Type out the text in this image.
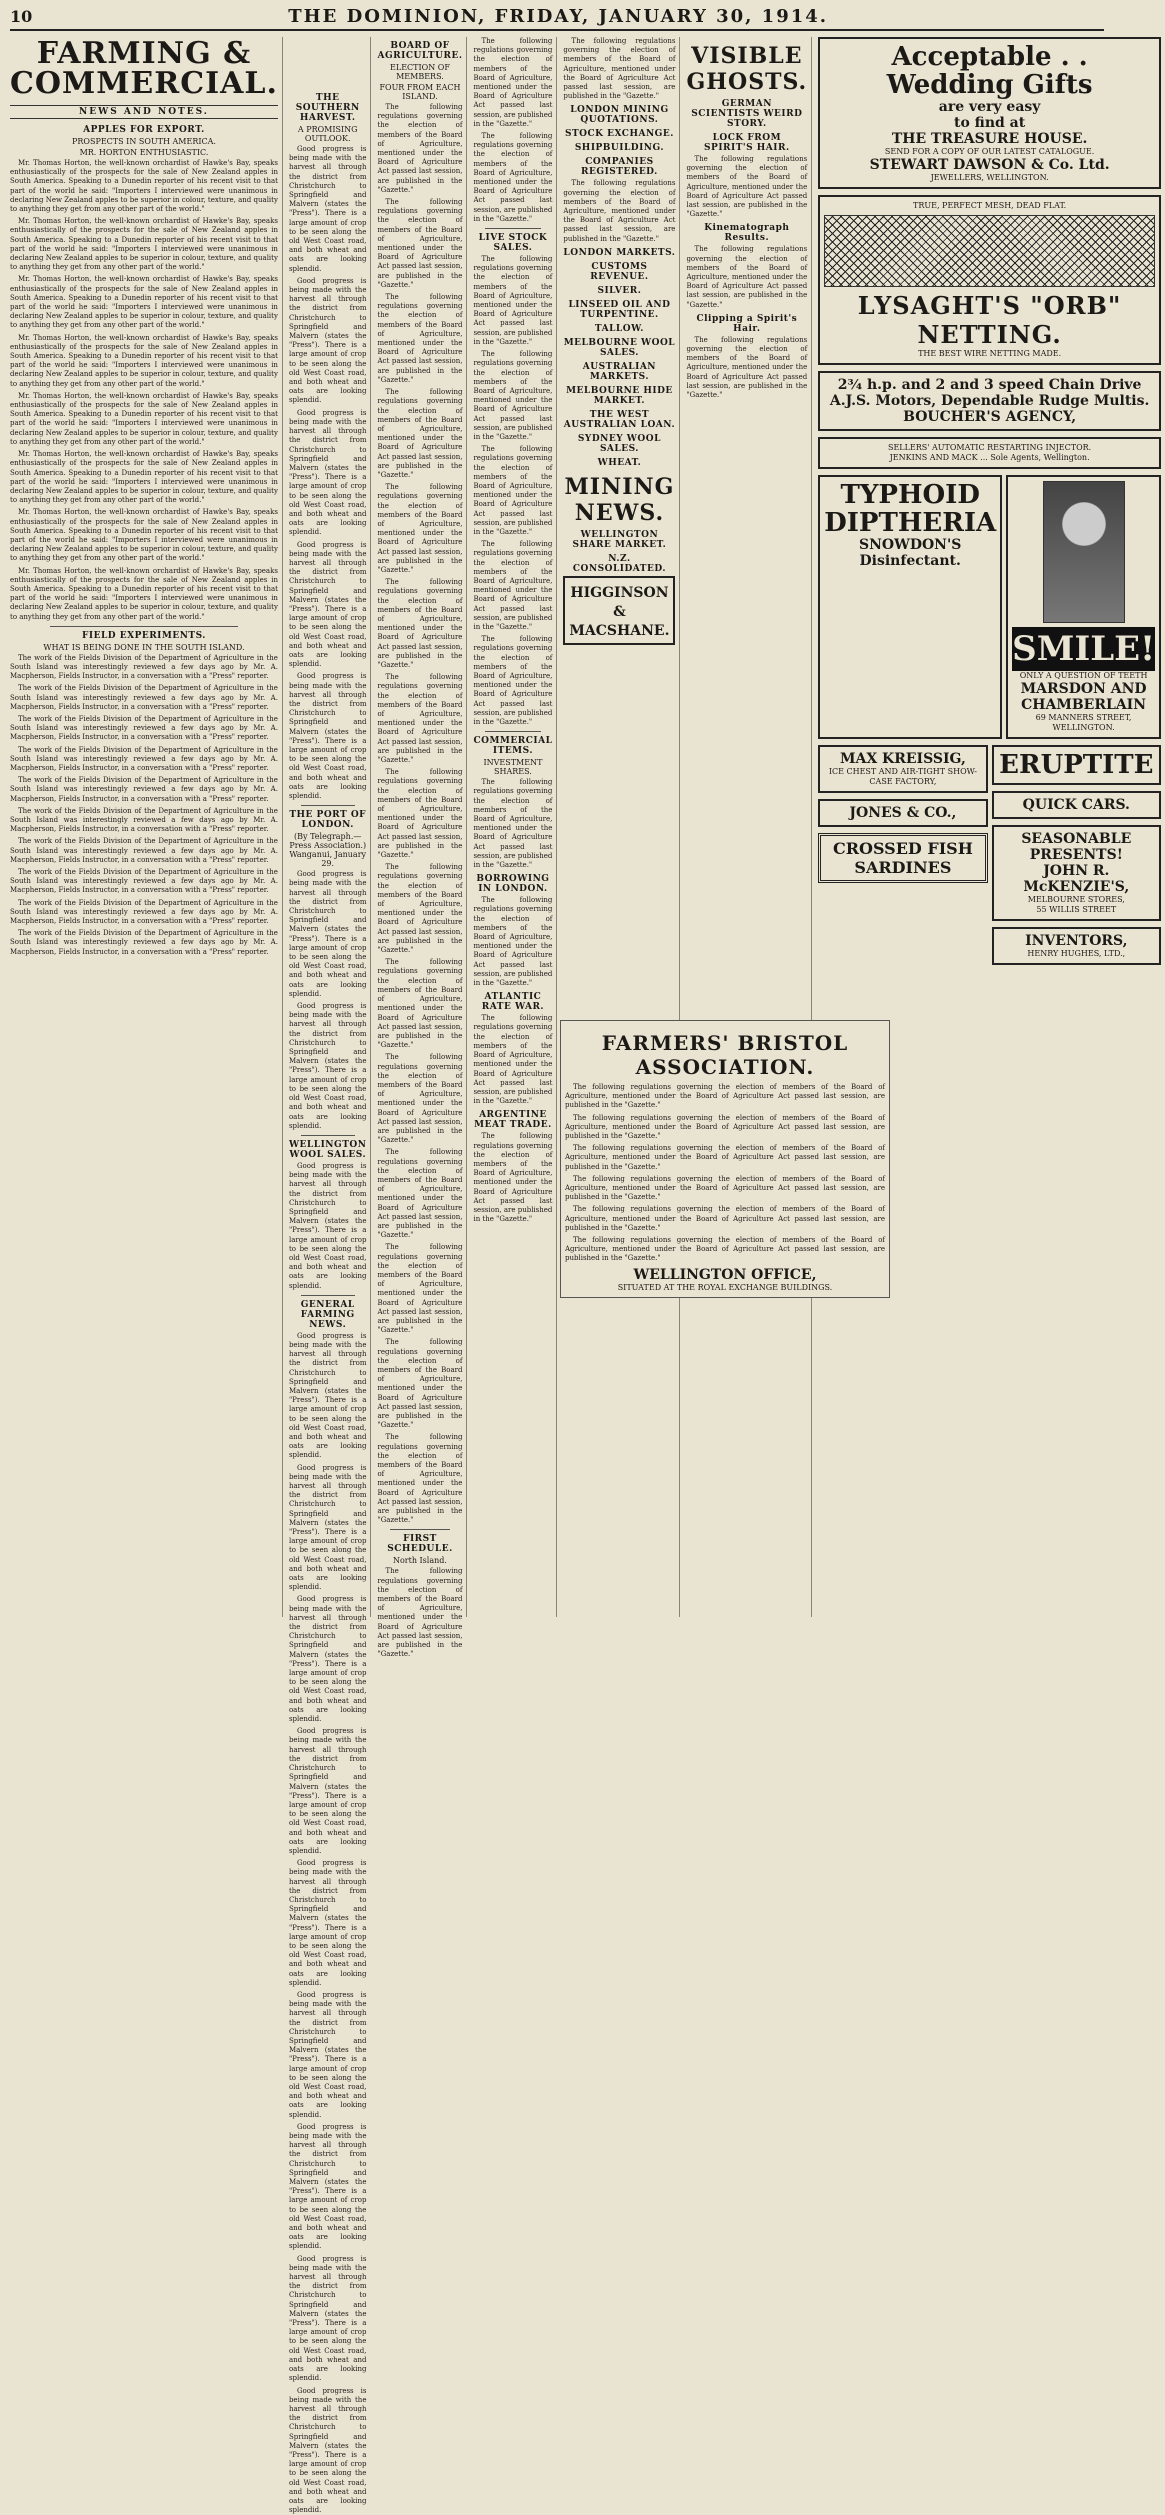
10	THE DOMINION, FRIDAY, JANUARY 30, 1914.
FARMING & COMMERCIAL.
NEWS AND NOTES.
APPLES FOR EXPORT.
PROSPECTS IN SOUTH AMERICA.
MR. HORTON ENTHUSIASTIC.

Mr. Thomas Horton, the well-known orchardist of Hawke's Bay, speaks enthusiastically of the prospects for the sale of New Zealand apples in South America. Speaking to a Dunedin reporter of his recent visit to that part of the world he said: "Importers I interviewed were unanimous in declaring New Zealand apples to be superior in colour, texture, and quality to anything they get from any other part of the world."

Mr. Thomas Horton, the well-known orchardist of Hawke's Bay, speaks enthusiastically of the prospects for the sale of New Zealand apples in South America. Speaking to a Dunedin reporter of his recent visit to that part of the world he said: "Importers I interviewed were unanimous in declaring New Zealand apples to be superior in colour, texture, and quality to anything they get from any other part of the world."

Mr. Thomas Horton, the well-known orchardist of Hawke's Bay, speaks enthusiastically of the prospects for the sale of New Zealand apples in South America. Speaking to a Dunedin reporter of his recent visit to that part of the world he said: "Importers I interviewed were unanimous in declaring New Zealand apples to be superior in colour, texture, and quality to anything they get from any other part of the world."

Mr. Thomas Horton, the well-known orchardist of Hawke's Bay, speaks enthusiastically of the prospects for the sale of New Zealand apples in South America. Speaking to a Dunedin reporter of his recent visit to that part of the world he said: "Importers I interviewed were unanimous in declaring New Zealand apples to be superior in colour, texture, and quality to anything they get from any other part of the world."

Mr. Thomas Horton, the well-known orchardist of Hawke's Bay, speaks enthusiastically of the prospects for the sale of New Zealand apples in South America. Speaking to a Dunedin reporter of his recent visit to that part of the world he said: "Importers I interviewed were unanimous in declaring New Zealand apples to be superior in colour, texture, and quality to anything they get from any other part of the world."

Mr. Thomas Horton, the well-known orchardist of Hawke's Bay, speaks enthusiastically of the prospects for the sale of New Zealand apples in South America. Speaking to a Dunedin reporter of his recent visit to that part of the world he said: "Importers I interviewed were unanimous in declaring New Zealand apples to be superior in colour, texture, and quality to anything they get from any other part of the world."

Mr. Thomas Horton, the well-known orchardist of Hawke's Bay, speaks enthusiastically of the prospects for the sale of New Zealand apples in South America. Speaking to a Dunedin reporter of his recent visit to that part of the world he said: "Importers I interviewed were unanimous in declaring New Zealand apples to be superior in colour, texture, and quality to anything they get from any other part of the world."

Mr. Thomas Horton, the well-known orchardist of Hawke's Bay, speaks enthusiastically of the prospects for the sale of New Zealand apples in South America. Speaking to a Dunedin reporter of his recent visit to that part of the world he said: "Importers I interviewed were unanimous in declaring New Zealand apples to be superior in colour, texture, and quality to anything they get from any other part of the world."

FIELD EXPERIMENTS.
WHAT IS BEING DONE IN THE SOUTH ISLAND.

The work of the Fields Division of the Department of Agriculture in the South Island was interestingly reviewed a few days ago by Mr. A. Macpherson, Fields Instructor, in a conversation with a "Press" reporter.

The work of the Fields Division of the Department of Agriculture in the South Island was interestingly reviewed a few days ago by Mr. A. Macpherson, Fields Instructor, in a conversation with a "Press" reporter.

The work of the Fields Division of the Department of Agriculture in the South Island was interestingly reviewed a few days ago by Mr. A. Macpherson, Fields Instructor, in a conversation with a "Press" reporter.

The work of the Fields Division of the Department of Agriculture in the South Island was interestingly reviewed a few days ago by Mr. A. Macpherson, Fields Instructor, in a conversation with a "Press" reporter.

The work of the Fields Division of the Department of Agriculture in the South Island was interestingly reviewed a few days ago by Mr. A. Macpherson, Fields Instructor, in a conversation with a "Press" reporter.

The work of the Fields Division of the Department of Agriculture in the South Island was interestingly reviewed a few days ago by Mr. A. Macpherson, Fields Instructor, in a conversation with a "Press" reporter.

The work of the Fields Division of the Department of Agriculture in the South Island was interestingly reviewed a few days ago by Mr. A. Macpherson, Fields Instructor, in a conversation with a "Press" reporter.

The work of the Fields Division of the Department of Agriculture in the South Island was interestingly reviewed a few days ago by Mr. A. Macpherson, Fields Instructor, in a conversation with a "Press" reporter.

The work of the Fields Division of the Department of Agriculture in the South Island was interestingly reviewed a few days ago by Mr. A. Macpherson, Fields Instructor, in a conversation with a "Press" reporter.

The work of the Fields Division of the Department of Agriculture in the South Island was interestingly reviewed a few days ago by Mr. A. Macpherson, Fields Instructor, in a conversation with a "Press" reporter.

THE SOUTHERN HARVEST.
A PROMISING OUTLOOK.

Good progress is being made with the harvest all through the district from Christchurch to Springfield and Malvern (states the "Press"). There is a large amount of crop to be seen along the old West Coast road, and both wheat and oats are looking splendid.

Good progress is being made with the harvest all through the district from Christchurch to Springfield and Malvern (states the "Press"). There is a large amount of crop to be seen along the old West Coast road, and both wheat and oats are looking splendid.

Good progress is being made with the harvest all through the district from Christchurch to Springfield and Malvern (states the "Press"). There is a large amount of crop to be seen along the old West Coast road, and both wheat and oats are looking splendid.

Good progress is being made with the harvest all through the district from Christchurch to Springfield and Malvern (states the "Press"). There is a large amount of crop to be seen along the old West Coast road, and both wheat and oats are looking splendid.

Good progress is being made with the harvest all through the district from Christchurch to Springfield and Malvern (states the "Press"). There is a large amount of crop to be seen along the old West Coast road, and both wheat and oats are looking splendid.

THE PORT OF LONDON.
(By Telegraph.—Press Association.) Wanganui, January 29.

Good progress is being made with the harvest all through the district from Christchurch to Springfield and Malvern (states the "Press"). There is a large amount of crop to be seen along the old West Coast road, and both wheat and oats are looking splendid.

Good progress is being made with the harvest all through the district from Christchurch to Springfield and Malvern (states the "Press"). There is a large amount of crop to be seen along the old West Coast road, and both wheat and oats are looking splendid.

WELLINGTON WOOL SALES.

Good progress is being made with the harvest all through the district from Christchurch to Springfield and Malvern (states the "Press"). There is a large amount of crop to be seen along the old West Coast road, and both wheat and oats are looking splendid.

GENERAL FARMING NEWS.

Good progress is being made with the harvest all through the district from Christchurch to Springfield and Malvern (states the "Press"). There is a large amount of crop to be seen along the old West Coast road, and both wheat and oats are looking splendid.

Good progress is being made with the harvest all through the district from Christchurch to Springfield and Malvern (states the "Press"). There is a large amount of crop to be seen along the old West Coast road, and both wheat and oats are looking splendid.

Good progress is being made with the harvest all through the district from Christchurch to Springfield and Malvern (states the "Press"). There is a large amount of crop to be seen along the old West Coast road, and both wheat and oats are looking splendid.

Good progress is being made with the harvest all through the district from Christchurch to Springfield and Malvern (states the "Press"). There is a large amount of crop to be seen along the old West Coast road, and both wheat and oats are looking splendid.

Good progress is being made with the harvest all through the district from Christchurch to Springfield and Malvern (states the "Press"). There is a large amount of crop to be seen along the old West Coast road, and both wheat and oats are looking splendid.

Good progress is being made with the harvest all through the district from Christchurch to Springfield and Malvern (states the "Press"). There is a large amount of crop to be seen along the old West Coast road, and both wheat and oats are looking splendid.

Good progress is being made with the harvest all through the district from Christchurch to Springfield and Malvern (states the "Press"). There is a large amount of crop to be seen along the old West Coast road, and both wheat and oats are looking splendid.

Good progress is being made with the harvest all through the district from Christchurch to Springfield and Malvern (states the "Press"). There is a large amount of crop to be seen along the old West Coast road, and both wheat and oats are looking splendid.

Good progress is being made with the harvest all through the district from Christchurch to Springfield and Malvern (states the "Press"). There is a large amount of crop to be seen along the old West Coast road, and both wheat and oats are looking splendid.

BOARD OF AGRICULTURE.
ELECTION OF MEMBERS.
FOUR FROM EACH ISLAND.

The following regulations governing the election of members of the Board of Agriculture, mentioned under the Board of Agriculture Act passed last session, are published in the "Gazette."

The following regulations governing the election of members of the Board of Agriculture, mentioned under the Board of Agriculture Act passed last session, are published in the "Gazette."

The following regulations governing the election of members of the Board of Agriculture, mentioned under the Board of Agriculture Act passed last session, are published in the "Gazette."

The following regulations governing the election of members of the Board of Agriculture, mentioned under the Board of Agriculture Act passed last session, are published in the "Gazette."

The following regulations governing the election of members of the Board of Agriculture, mentioned under the Board of Agriculture Act passed last session, are published in the "Gazette."

The following regulations governing the election of members of the Board of Agriculture, mentioned under the Board of Agriculture Act passed last session, are published in the "Gazette."

The following regulations governing the election of members of the Board of Agriculture, mentioned under the Board of Agriculture Act passed last session, are published in the "Gazette."

The following regulations governing the election of members of the Board of Agriculture, mentioned under the Board of Agriculture Act passed last session, are published in the "Gazette."

The following regulations governing the election of members of the Board of Agriculture, mentioned under the Board of Agriculture Act passed last session, are published in the "Gazette."

The following regulations governing the election of members of the Board of Agriculture, mentioned under the Board of Agriculture Act passed last session, are published in the "Gazette."

The following regulations governing the election of members of the Board of Agriculture, mentioned under the Board of Agriculture Act passed last session, are published in the "Gazette."

The following regulations governing the election of members of the Board of Agriculture, mentioned under the Board of Agriculture Act passed last session, are published in the "Gazette."

The following regulations governing the election of members of the Board of Agriculture, mentioned under the Board of Agriculture Act passed last session, are published in the "Gazette."

The following regulations governing the election of members of the Board of Agriculture, mentioned under the Board of Agriculture Act passed last session, are published in the "Gazette."

The following regulations governing the election of members of the Board of Agriculture, mentioned under the Board of Agriculture Act passed last session, are published in the "Gazette."

FIRST SCHEDULE.
North Island.

The following regulations governing the election of members of the Board of Agriculture, mentioned under the Board of Agriculture Act passed last session, are published in the "Gazette."

The following regulations governing the election of members of the Board of Agriculture, mentioned under the Board of Agriculture Act passed last session, are published in the "Gazette."

The following regulations governing the election of members of the Board of Agriculture, mentioned under the Board of Agriculture Act passed last session, are published in the "Gazette."

LIVE STOCK SALES.

The following regulations governing the election of members of the Board of Agriculture, mentioned under the Board of Agriculture Act passed last session, are published in the "Gazette."

The following regulations governing the election of members of the Board of Agriculture, mentioned under the Board of Agriculture Act passed last session, are published in the "Gazette."

The following regulations governing the election of members of the Board of Agriculture, mentioned under the Board of Agriculture Act passed last session, are published in the "Gazette."

The following regulations governing the election of members of the Board of Agriculture, mentioned under the Board of Agriculture Act passed last session, are published in the "Gazette."

The following regulations governing the election of members of the Board of Agriculture, mentioned under the Board of Agriculture Act passed last session, are published in the "Gazette."

COMMERCIAL ITEMS.
INVESTMENT SHARES.

The following regulations governing the election of members of the Board of Agriculture, mentioned under the Board of Agriculture Act passed last session, are published in the "Gazette."

BORROWING IN LONDON.

The following regulations governing the election of members of the Board of Agriculture, mentioned under the Board of Agriculture Act passed last session, are published in the "Gazette."

ATLANTIC RATE WAR.

The following regulations governing the election of members of the Board of Agriculture, mentioned under the Board of Agriculture Act passed last session, are published in the "Gazette."

ARGENTINE MEAT TRADE.

The following regulations governing the election of members of the Board of Agriculture, mentioned under the Board of Agriculture Act passed last session, are published in the "Gazette."

The following regulations governing the election of members of the Board of Agriculture, mentioned under the Board of Agriculture Act passed last session, are published in the "Gazette."

LONDON MINING QUOTATIONS.
STOCK EXCHANGE.
SHIPBUILDING.
COMPANIES REGISTERED.

The following regulations governing the election of members of the Board of Agriculture, mentioned under the Board of Agriculture Act passed last session, are published in the "Gazette."

LONDON MARKETS.
CUSTOMS REVENUE.
SILVER.
LINSEED OIL AND TURPENTINE.
TALLOW.
MELBOURNE WOOL SALES.
AUSTRALIAN MARKETS.
MELBOURNE HIDE MARKET.
THE WEST AUSTRALIAN LOAN.
SYDNEY WOOL SALES.
WHEAT.
MINING NEWS.
WELLINGTON SHARE MARKET.
N.Z. CONSOLIDATED.
HIGGINSON & MACSHANE.
VISIBLE GHOSTS.
GERMAN SCIENTISTS WEIRD STORY.
LOCK FROM SPIRIT'S HAIR.

The following regulations governing the election of members of the Board of Agriculture, mentioned under the Board of Agriculture Act passed last session, are published in the "Gazette."

Kinematograph Results.

The following regulations governing the election of members of the Board of Agriculture, mentioned under the Board of Agriculture Act passed last session, are published in the "Gazette."

Clipping a Spirit's Hair.

The following regulations governing the election of members of the Board of Agriculture, mentioned under the Board of Agriculture Act passed last session, are published in the "Gazette."

Acceptable . .
Wedding Gifts
are very easy
to find at
THE TREASURE HOUSE.
SEND FOR A COPY OF OUR LATEST CATALOGUE.
STEWART DAWSON & Co. Ltd.
JEWELLERS, WELLINGTON.
TRUE, PERFECT MESH, DEAD FLAT.
LYSAGHT'S "ORB" NETTING.
THE BEST WIRE NETTING MADE.
2¾ h.p. and 2 and 3 speed Chain Drive A.J.S. Motors, Dependable Rudge Multis.
BOUCHER'S AGENCY,
SELLERS' AUTOMATIC RESTARTING INJECTOR.
JENKINS AND MACK ... Sole Agents, Wellington.
TYPHOID
DIPTHERIA
SNOWDON'S Disinfectant.
SMILE!
ONLY A QUESTION OF TEETH
MARSDON AND CHAMBERLAIN
69 MANNERS STREET, WELLINGTON.
MAX KREISSIG,
ICE CHEST AND AIR-TIGHT SHOW-CASE FACTORY,
JONES & CO.,
CROSSED FISH SARDINES
ERUPTITE
QUICK CARS.
SEASONABLE PRESENTS!
JOHN R. McKENZIE'S,
MELBOURNE STORES,
55 WILLIS STREET
INVENTORS,
HENRY HUGHES, LTD.,
FARMERS' BRISTOL ASSOCIATION.

The following regulations governing the election of members of the Board of Agriculture, mentioned under the Board of Agriculture Act passed last session, are published in the "Gazette."

The following regulations governing the election of members of the Board of Agriculture, mentioned under the Board of Agriculture Act passed last session, are published in the "Gazette."

The following regulations governing the election of members of the Board of Agriculture, mentioned under the Board of Agriculture Act passed last session, are published in the "Gazette."

The following regulations governing the election of members of the Board of Agriculture, mentioned under the Board of Agriculture Act passed last session, are published in the "Gazette."

The following regulations governing the election of members of the Board of Agriculture, mentioned under the Board of Agriculture Act passed last session, are published in the "Gazette."

The following regulations governing the election of members of the Board of Agriculture, mentioned under the Board of Agriculture Act passed last session, are published in the "Gazette."

WELLINGTON OFFICE,
SITUATED AT THE ROYAL EXCHANGE BUILDINGS.
